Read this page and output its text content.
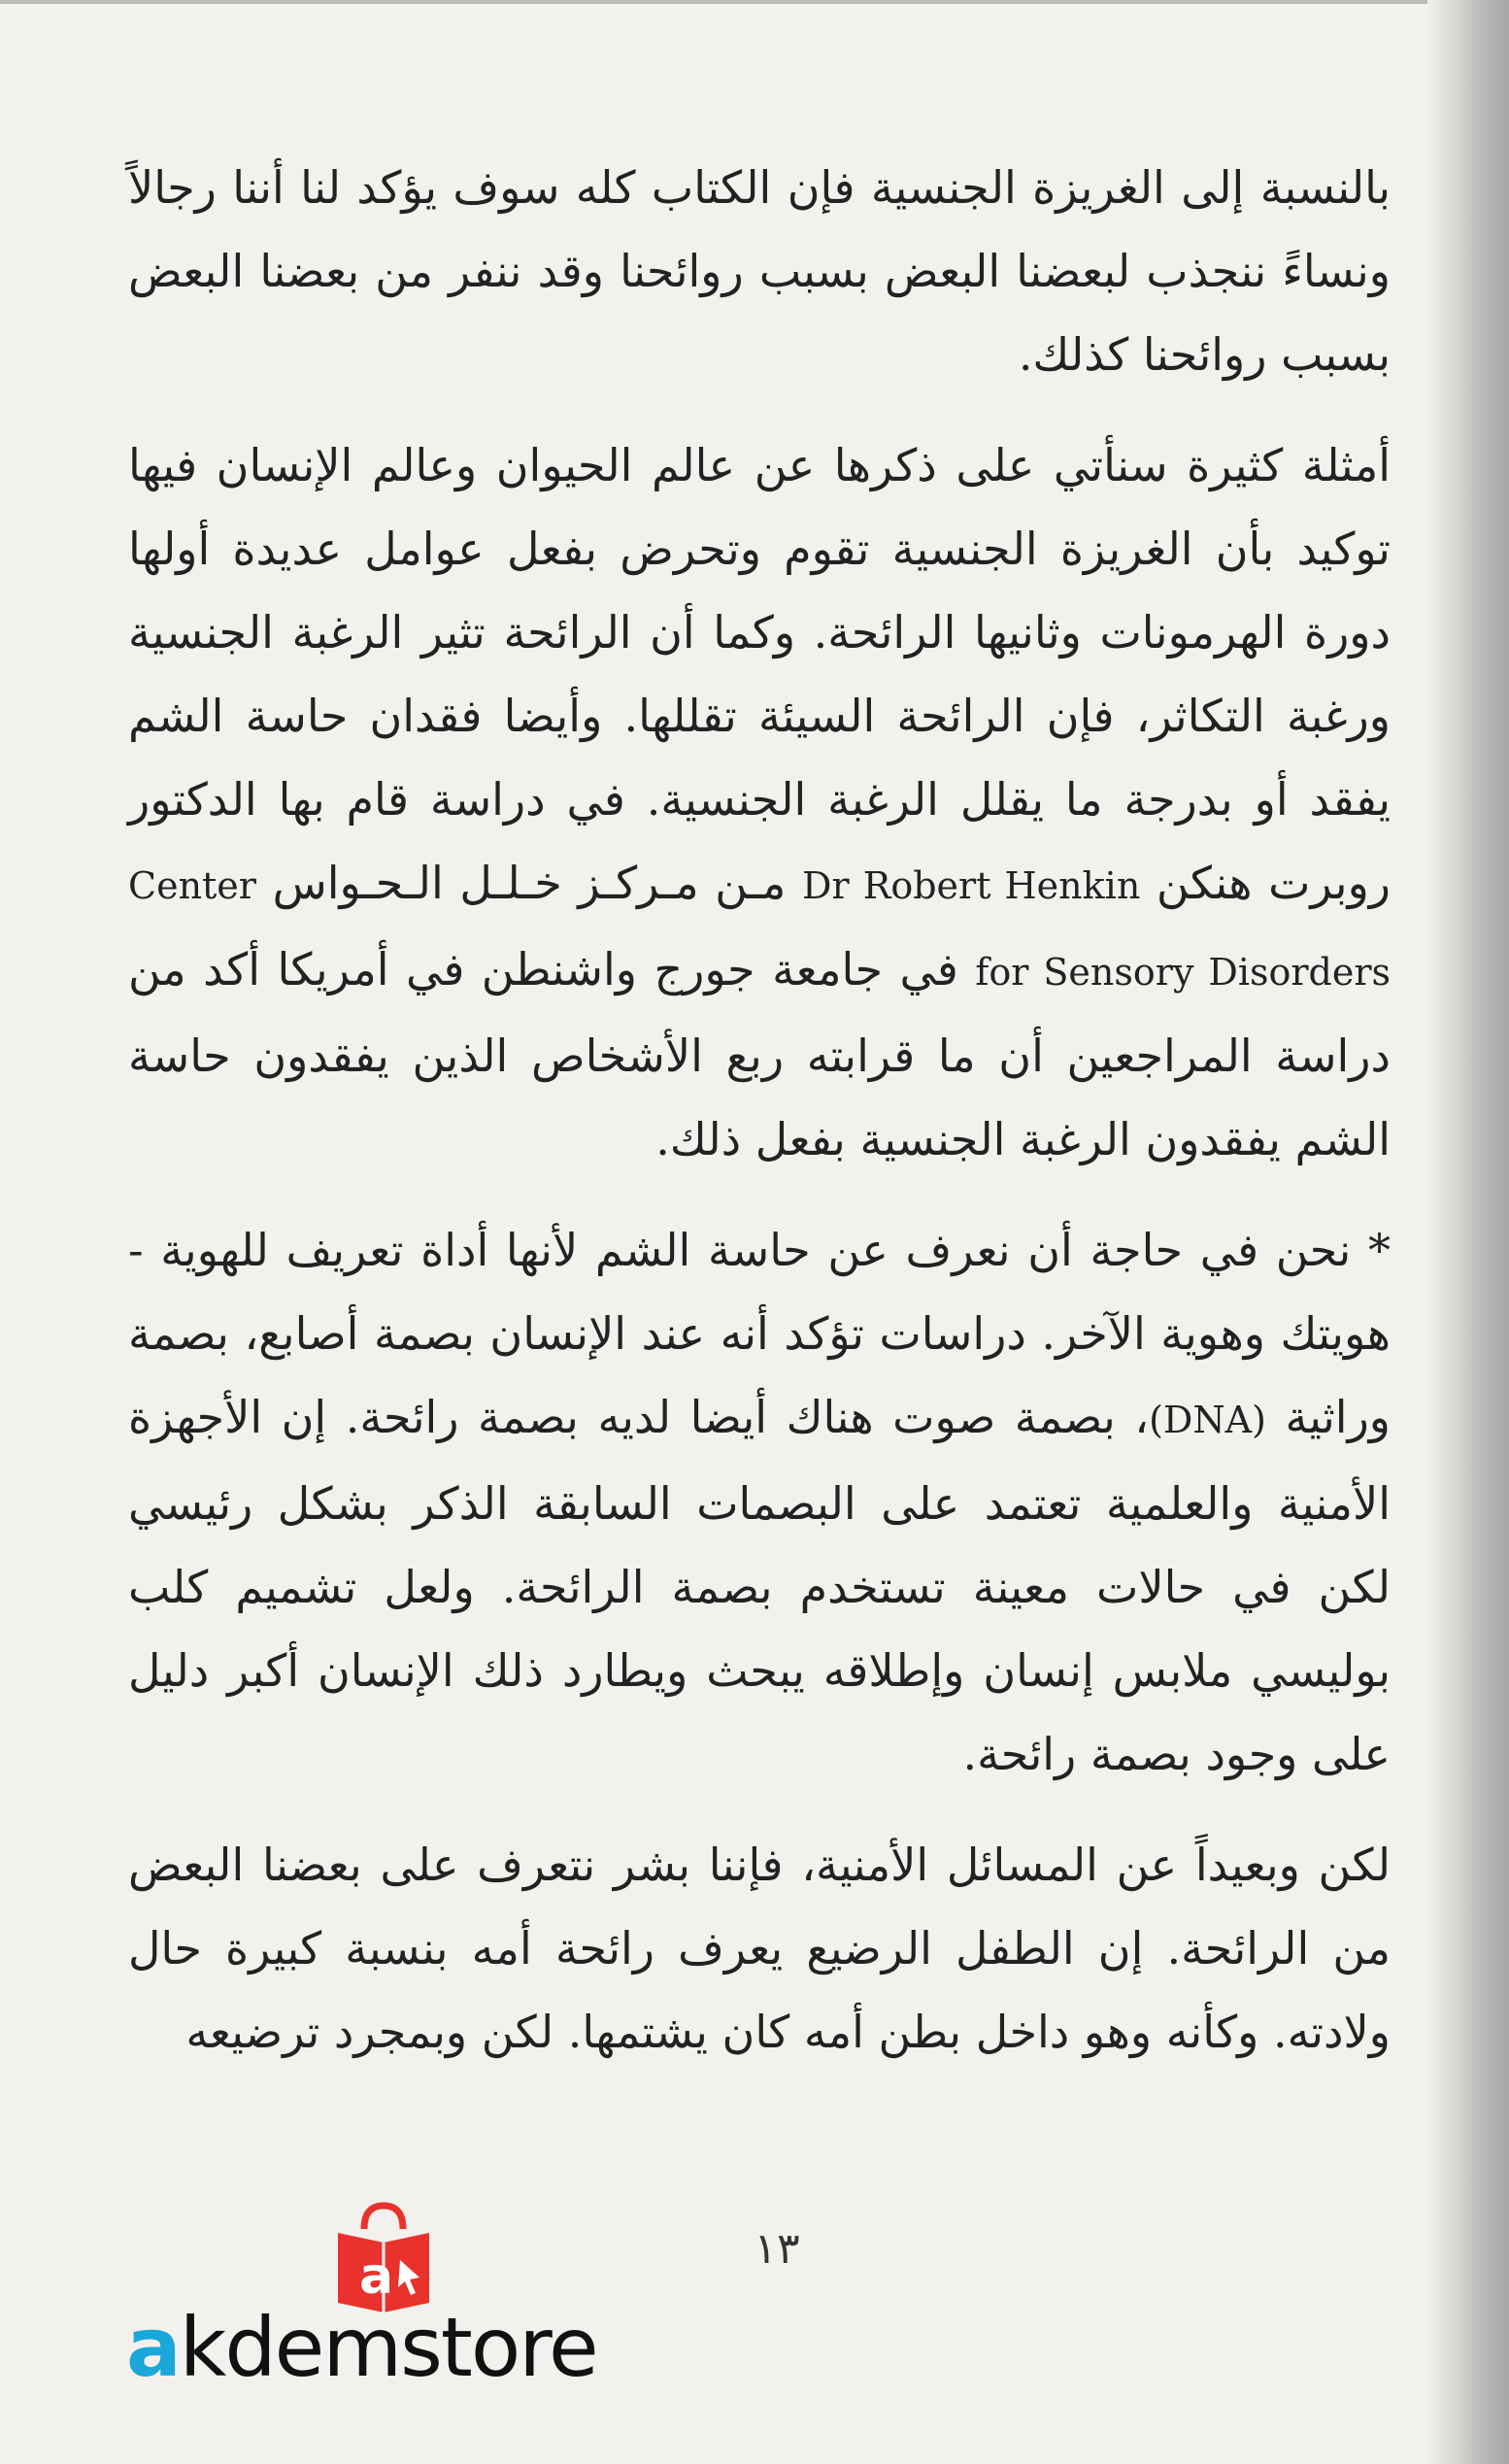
بالنسبة إلى الغريزة الجنسية فإن الكتاب كله سوف يؤكد لنا أننا رجالاً ونساءً ننجذب لبعضنا البعض بسبب روائحنا وقد ننفر من بعضنا البعض بسبب روائحنا كذلك.

أمثلة كثيرة سنأتي على ذكرها عن عالم الحيوان وعالم الإنسان فيها توكيد بأن الغريزة الجنسية تقوم وتحرض بفعل عوامل عديدة أولها دورة الهرمونات وثانيها الرائحة. وكما أن الرائحة تثير الرغبة الجنسية ورغبة التكاثر، فإن الرائحة السيئة تقللها. وأيضا فقدان حاسة الشم يفقد أو بدرجة ما يقلل الرغبة الجنسية. في دراسة قام بها الدكتور روبرت هنكن Dr Robert Henkin مـن مـركـز خـلـل الـحـواس Center for Sensory Disorders في جامعة جورج واشنطن في أمريكا أكد من دراسة المراجعين أن ما قرابته ربع الأشخاص الذين يفقدون حاسة الشم يفقدون الرغبة الجنسية بفعل ذلك.

* نحن في حاجة أن نعرف عن حاسة الشم لأنها أداة تعريف للهوية - هويتك وهوية الآخر. دراسات تؤكد أنه عند الإنسان بصمة أصابع، بصمة وراثية (DNA)، بصمة صوت هناك أيضا لديه بصمة رائحة. إن الأجهزة الأمنية والعلمية تعتمد على البصمات السابقة الذكر بشكل رئيسي لكن في حالات معينة تستخدم بصمة الرائحة. ولعل تشميم كلب بوليسي ملابس إنسان وإطلاقه يبحث ويطارد ذلك الإنسان أكبر دليل على وجود بصمة رائحة.

لكن وبعيداً عن المسائل الأمنية، فإننا بشر نتعرف على بعضنا البعض من الرائحة. إن الطفل الرضيع يعرف رائحة أمه بنسبة كبيرة حال ولادته. وكأنه وهو داخل بطن أمه كان يشتمها. لكن وبمجرد ترضيعه

١٣
a
akdemstore
